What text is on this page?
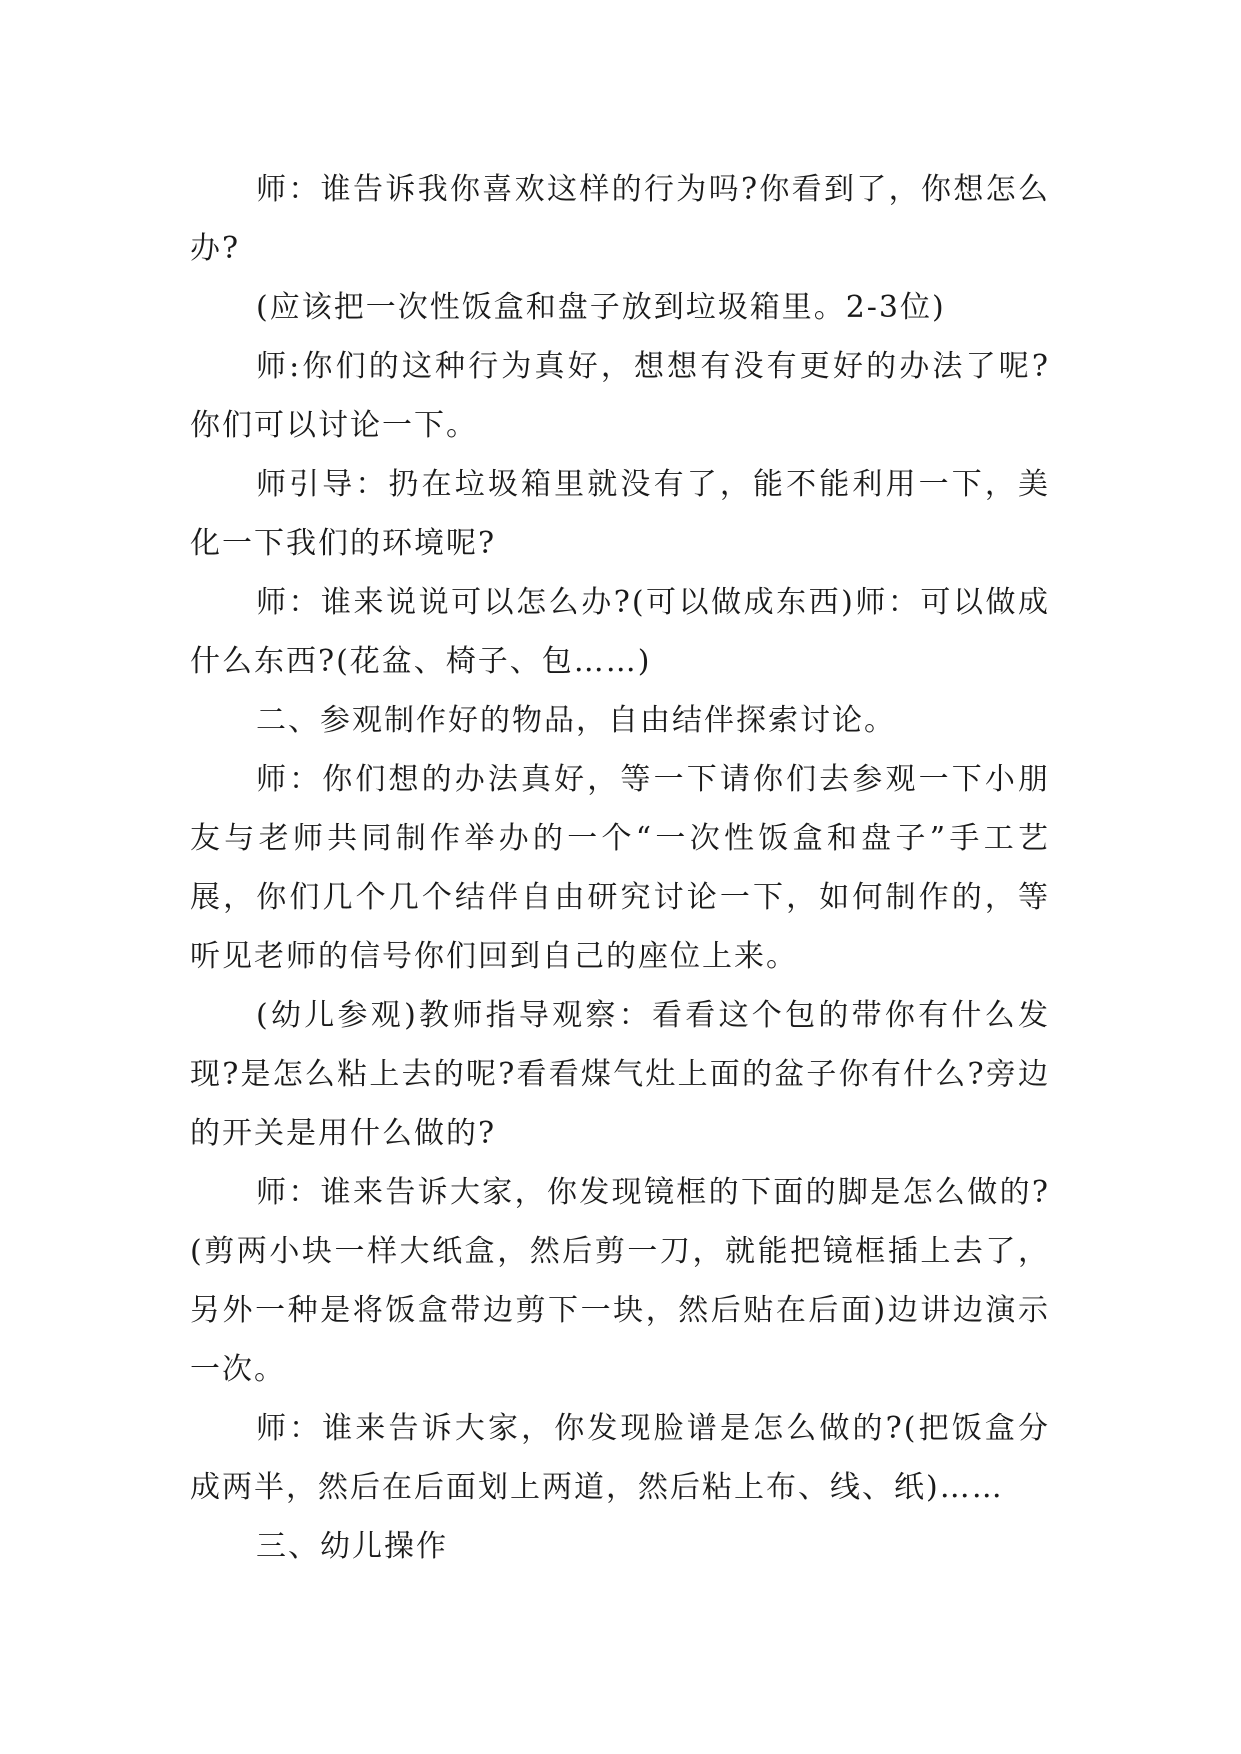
师：谁告诉我你喜欢这样的行为吗?你看到了，你想怎么办?

(应该把一次性饭盒和盘子放到垃圾箱里。2-3位)

师:你们的这种行为真好，想想有没有更好的办法了呢?你们可以讨论一下。

师引导：扔在垃圾箱里就没有了，能不能利用一下，美化一下我们的环境呢?

师：谁来说说可以怎么办?(可以做成东西)师：可以做成什么东西?(花盆、椅子、包……)

二、参观制作好的物品，自由结伴探索讨论。

师：你们想的办法真好，等一下请你们去参观一下小朋友与老师共同制作举办的一个“一次性饭盒和盘子”手工艺展，你们几个几个结伴自由研究讨论一下，如何制作的，等听见老师的信号你们回到自己的座位上来。

(幼儿参观)教师指导观察：看看这个包的带你有什么发现?是怎么粘上去的呢?看看煤气灶上面的盆子你有什么?旁边的开关是用什么做的?

师：谁来告诉大家，你发现镜框的下面的脚是怎么做的?(剪两小块一样大纸盒，然后剪一刀，就能把镜框插上去了，另外一种是将饭盒带边剪下一块，然后贴在后面)边讲边演示一次。

师：谁来告诉大家，你发现脸谱是怎么做的?(把饭盒分成两半，然后在后面划上两道，然后粘上布、线、纸)……

三、幼儿操作
